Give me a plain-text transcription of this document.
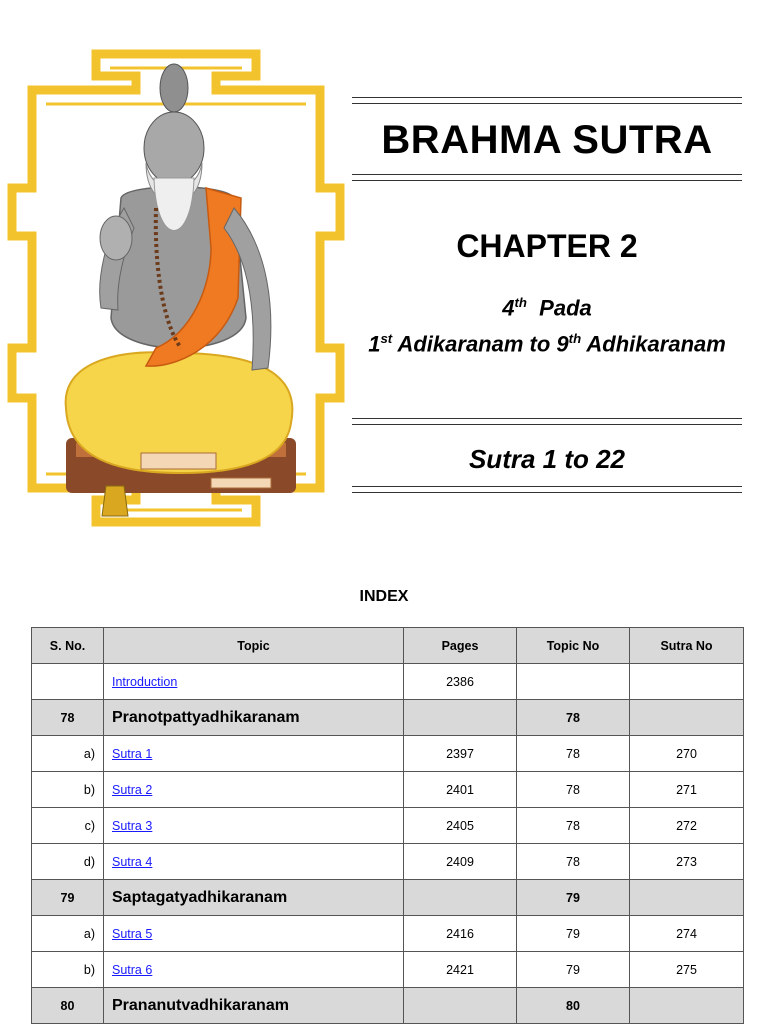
BRAHMA SUTRA
CHAPTER 2
4th Pada
1st Adikaranam to 9th Adhikaranam
Sutra 1 to 22
INDEX
S. No.	Topic	Pages	Topic No	Sutra No
	Introduction	2386		
78	Pranotpattyadhikaranam		78	
a)	Sutra 1	2397	78	270
b)	Sutra 2	2401	78	271
c)	Sutra 3	2405	78	272
d)	Sutra 4	2409	78	273
79	Saptagatyadhikaranam		79	
a)	Sutra 5	2416	79	274
b)	Sutra 6	2421	79	275
80	Prananutvadhikaranam		80	
